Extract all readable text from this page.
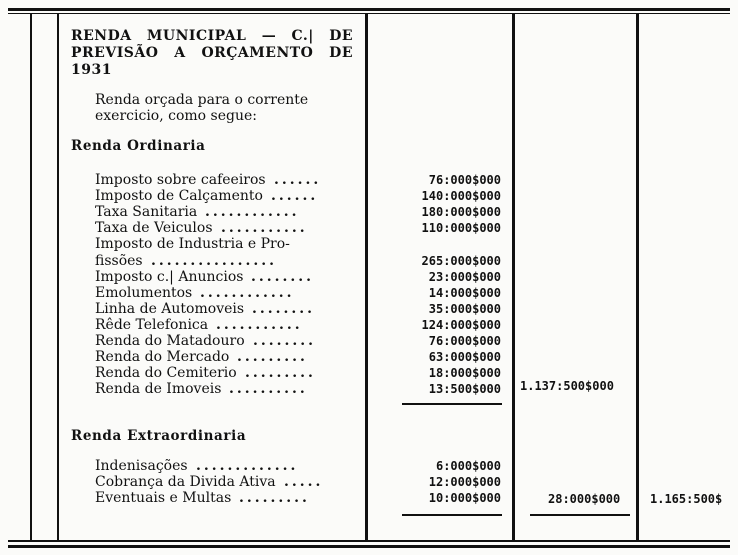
RENDA MUNICIPAL — C.| DE PREVISÃO A ORÇAMENTO DE 1931
Renda orçada para o corrente exercicio, como segue:
Renda Ordinaria
Imposto sobre cafeeiros ......	76:000$000
Imposto de Calçamento ......	140:000$000
Taxa Sanitaria ............	180:000$000
Taxa de Veiculos ...........	110:000$000
Imposto de Industria e Pro-
fissões ................	265:000$000
Imposto c.| Anuncios ........	23:000$000
Emolumentos ............	14:000$000
Linha de Automoveis ........	35:000$000
Rêde Telefonica ...........	124:000$000
Renda do Matadouro ........	76:000$000
Renda do Mercado .........	63:000$000
Renda do Cemiterio .........	18:000$000
Renda de Imoveis ..........	13:500$000 1.137:500$000
Renda Extraordinaria
Indenisações .............	6:000$000
Cobrança da Divida Ativa .....	12:000$000
Eventuais e Multas .........	10:000$000	28:000$000 1.165:500$
